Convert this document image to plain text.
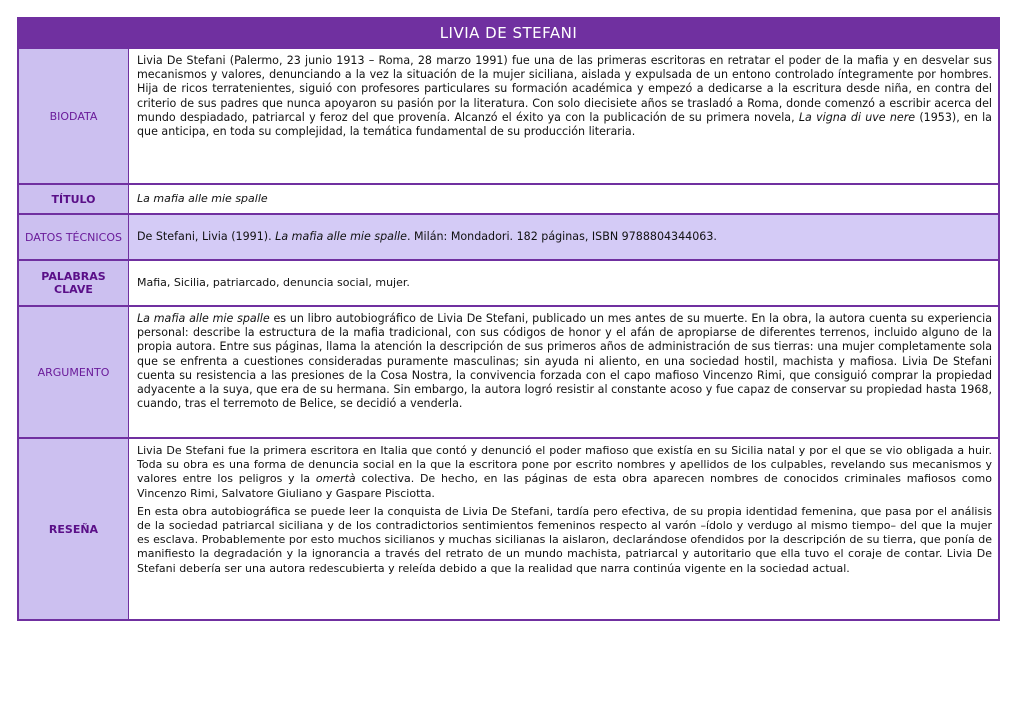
LIVIA DE STEFANI
BIODATA

Livia De Stefani (Palermo, 23 junio 1913 – Roma, 28 marzo 1991) fue una de las primeras escritoras en retratar el poder de la mafia y en desvelar sus mecanismos y valores, denunciando a la vez la situación de la mujer siciliana, aislada y expulsada de un entono controlado íntegramente por hombres. Hija de ricos terratenientes, siguió con profesores particulares su formación académica y empezó a dedicarse a la escritura desde niña, en contra del criterio de sus padres que nunca apoyaron su pasión por la literatura. Con solo diecisiete años se trasladó a Roma, donde comenzó a escribir acerca del mundo despiadado, patriarcal y feroz del que provenía. Alcanzó el éxito ya con la publicación de su primera novela, La vigna di uve nere (1953), en la que anticipa, en toda su complejidad, la temática fundamental de su producción literaria.

TÍTULO	La mafia alle mie spalle
DATOS TÉCNICOS	De Stefani, Livia (1991). La mafia alle mie spalle. Milán: Mondadori. 182 páginas, ISBN 9788804344063.
PALABRAS CLAVE
Mafia, Sicilia, patriarcado, denuncia social, mujer.
ARGUMENTO

La mafia alle mie spalle es un libro autobiográfico de Livia De Stefani, publicado un mes antes de su muerte. En la obra, la autora cuenta su experiencia personal: describe la estructura de la mafia tradicional, con sus códigos de honor y el afán de apropiarse de diferentes terrenos, incluido alguno de la propia autora. Entre sus páginas, llama la atención la descripción de sus primeros años de administración de sus tierras: una mujer completamente sola que se enfrenta a cuestiones consideradas puramente masculinas; sin ayuda ni aliento, en una sociedad hostil, machista y mafiosa. Livia De Stefani cuenta su resistencia a las presiones de la Cosa Nostra, la convivencia forzada con el capo mafioso Vincenzo Rimi, que consiguió comprar la propiedad adyacente a la suya, que era de su hermana. Sin embargo, la autora logró resistir al constante acoso y fue capaz de conservar su propiedad hasta 1968, cuando, tras el terremoto de Belice, se decidió a venderla.

RESEÑA

Livia De Stefani fue la primera escritora en Italia que contó y denunció el poder mafioso que existía en su Sicilia natal y por el que se vio obligada a huir. Toda su obra es una forma de denuncia social en la que la escritora pone por escrito nombres y apellidos de los culpables, revelando sus mecanismos y valores entre los peligros y la omertà colectiva. De hecho, en las páginas de esta obra aparecen nombres de conocidos criminales mafiosos como Vincenzo Rimi, Salvatore Giuliano y Gaspare Pisciotta.

En esta obra autobiográfica se puede leer la conquista de Livia De Stefani, tardía pero efectiva, de su propia identidad femenina, que pasa por el análisis de la sociedad patriarcal siciliana y de los contradictorios sentimientos femeninos respecto al varón –ídolo y verdugo al mismo tiempo– del que la mujer es esclava. Probablemente por esto muchos sicilianos y muchas sicilianas la aislaron, declarándose ofendidos por la descripción de su tierra, que ponía de manifiesto la degradación y la ignorancia a través del retrato de un mundo machista, patriarcal y autoritario que ella tuvo el coraje de contar. Livia De Stefani debería ser una autora redescubierta y releída debido a que la realidad que narra continúa vigente en la sociedad actual.
